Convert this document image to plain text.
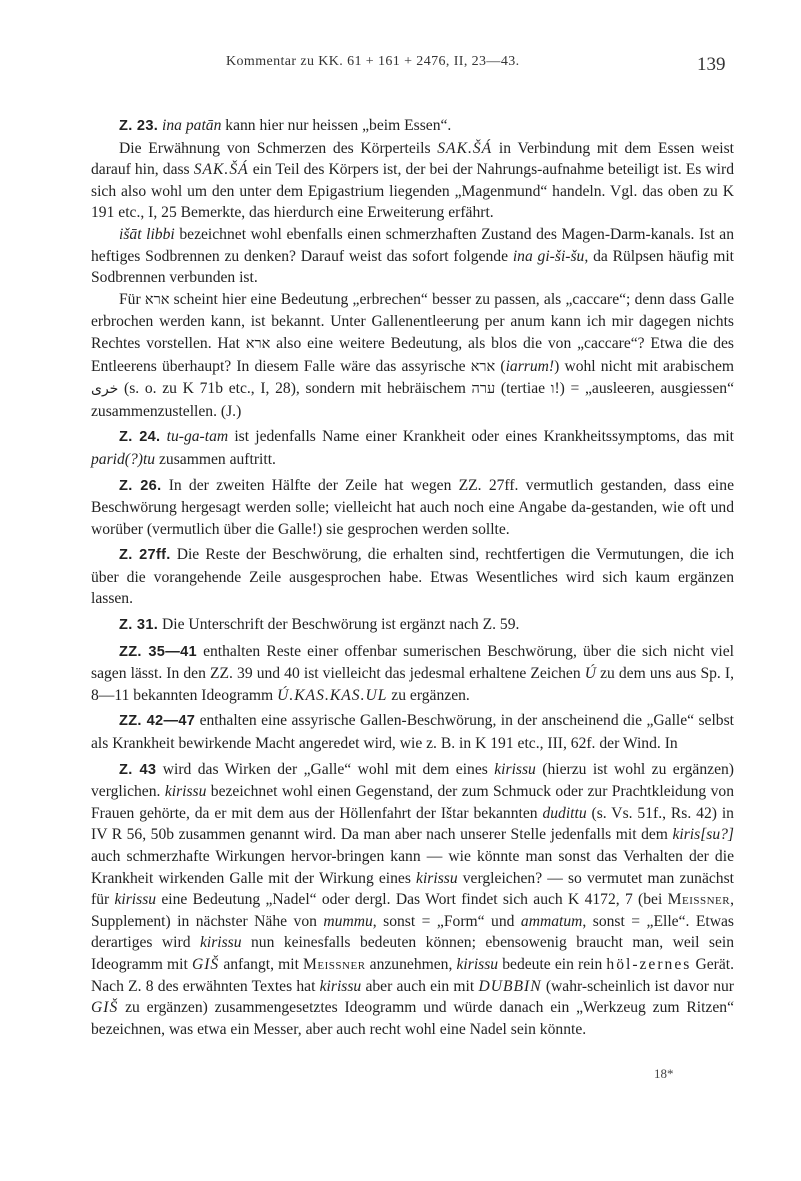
Kommentar zu KK. 61 + 161 + 2476, II, 23—43.	139

Z. 23. ina patān kann hier nur heissen „beim Essen“.

Die Erwähnung von Schmerzen des Körperteils SAK.ŠÁ in Verbindung mit dem Essen weist darauf hin, dass SAK.ŠÁ ein Teil des Körpers ist, der bei der Nahrungs-aufnahme beteiligt ist. Es wird sich also wohl um den unter dem Epigastrium liegenden „Magenmund“ handeln. Vgl. das oben zu K 191 etc., I, 25 Bemerkte, das hierdurch eine Erweiterung erfährt.

išāt libbi bezeichnet wohl ebenfalls einen schmerzhaften Zustand des Magen-Darm-kanals. Ist an heftiges Sodbrennen zu denken? Darauf weist das sofort folgende ina gi-ši-šu, da Rülpsen häufig mit Sodbrennen verbunden ist.

Für ארא scheint hier eine Bedeutung „erbrechen“ besser zu passen, als „caccare“; denn dass Galle erbrochen werden kann, ist bekannt. Unter Gallenentleerung per anum kann ich mir dagegen nichts Rechtes vorstellen. Hat ארא also eine weitere Bedeutung, als blos die von „caccare“? Etwa die des Entleerens überhaupt? In diesem Falle wäre das assyrische ארא (iarrum!) wohl nicht mit arabischem خرى (s. o. zu K 71b etc., I, 28), sondern mit hebräischem ערה (tertiae ו!) = „ausleeren, ausgiessen“ zusammenzustellen. (J.)

Z. 24. tu-ga-tam ist jedenfalls Name einer Krankheit oder eines Krankheitssymptoms, das mit parid(?)tu zusammen auftritt.

Z. 26. In der zweiten Hälfte der Zeile hat wegen ZZ. 27ff. vermutlich gestanden, dass eine Beschwörung hergesagt werden solle; vielleicht hat auch noch eine Angabe da-gestanden, wie oft und worüber (vermutlich über die Galle!) sie gesprochen werden sollte.

Z. 27ff. Die Reste der Beschwörung, die erhalten sind, rechtfertigen die Vermutungen, die ich über die vorangehende Zeile ausgesprochen habe. Etwas Wesentliches wird sich kaum ergänzen lassen.

Z. 31. Die Unterschrift der Beschwörung ist ergänzt nach Z. 59.

ZZ. 35—41 enthalten Reste einer offenbar sumerischen Beschwörung, über die sich nicht viel sagen lässt. In den ZZ. 39 und 40 ist vielleicht das jedesmal erhaltene Zeichen Ú zu dem uns aus Sp. I, 8—11 bekannten Ideogramm Ú.KAS.KAS.UL zu ergänzen.

ZZ. 42—47 enthalten eine assyrische Gallen-Beschwörung, in der anscheinend die „Galle“ selbst als Krankheit bewirkende Macht angeredet wird, wie z. B. in K 191 etc., III, 62f. der Wind. In

Z. 43 wird das Wirken der „Galle“ wohl mit dem eines kirissu (hierzu ist wohl zu ergänzen) verglichen. kirissu bezeichnet wohl einen Gegenstand, der zum Schmuck oder zur Prachtkleidung von Frauen gehörte, da er mit dem aus der Höllenfahrt der Ištar bekannten dudittu (s. Vs. 51f., Rs. 42) in IV R 56, 50b zusammen genannt wird. Da man aber nach unserer Stelle jedenfalls mit dem kiris[su?] auch schmerzhafte Wirkungen hervor-bringen kann — wie könnte man sonst das Verhalten der die Krankheit wirkenden Galle mit der Wirkung eines kirissu vergleichen? — so vermutet man zunächst für kirissu eine Bedeutung „Nadel“ oder dergl. Das Wort findet sich auch K 4172, 7 (bei Meissner, Supplement) in nächster Nähe von mummu, sonst = „Form“ und ammatum, sonst = „Elle“. Etwas derartiges wird kirissu nun keinesfalls bedeuten können; ebensowenig braucht man, weil sein Ideogramm mit GIŠ anfangt, mit Meissner anzunehmen, kirissu bedeute ein rein höl-zernes Gerät. Nach Z. 8 des erwähnten Textes hat kirissu aber auch ein mit DUBBIN (wahr-scheinlich ist davor nur GIŠ zu ergänzen) zusammengesetztes Ideogramm und würde danach ein „Werkzeug zum Ritzen“ bezeichnen, was etwa ein Messer, aber auch recht wohl eine Nadel sein könnte.

18*
